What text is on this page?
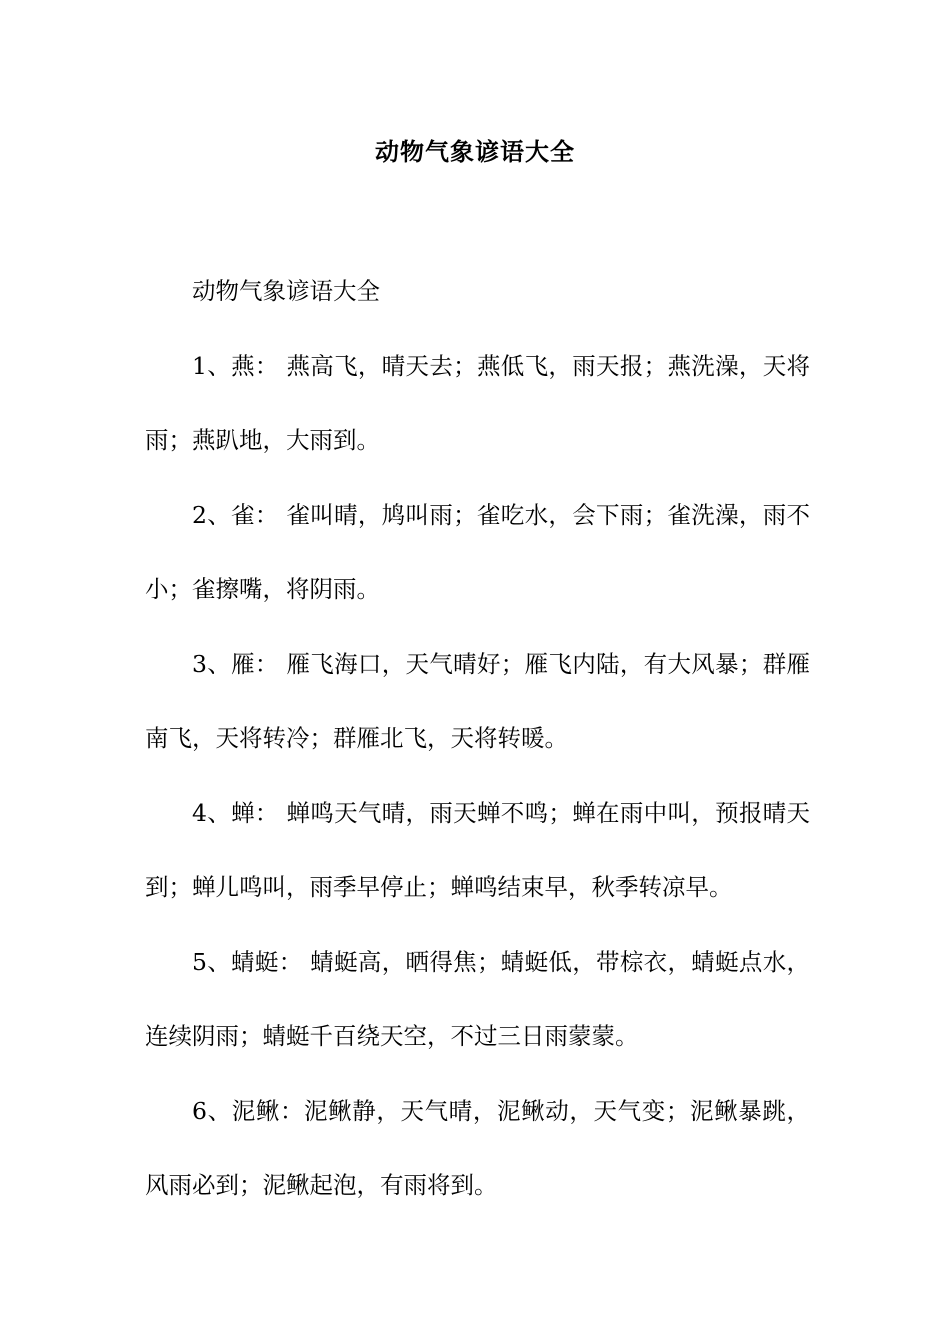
动物气象谚语大全

动物气象谚语大全

1、燕： 燕高飞，晴天去；燕低飞，雨天报；燕洗澡，天将雨；燕趴地，大雨到。

2、雀： 雀叫晴，鸠叫雨；雀吃水，会下雨；雀洗澡，雨不小；雀擦嘴，将阴雨。

3、雁： 雁飞海口，天气晴好；雁飞内陆，有大风暴；群雁南飞，天将转冷；群雁北飞，天将转暖。

4、蝉： 蝉鸣天气晴，雨天蝉不鸣；蝉在雨中叫，预报晴天到；蝉儿鸣叫，雨季早停止；蝉鸣结束早，秋季转凉早。

5、蜻蜓： 蜻蜓高，晒得焦；蜻蜓低，带棕衣，蜻蜓点水，连续阴雨；蜻蜓千百绕天空，不过三日雨蒙蒙。

6、泥鳅：泥鳅静，天气晴，泥鳅动，天气变；泥鳅暴跳，风雨必到；泥鳅起泡，有雨将到。
